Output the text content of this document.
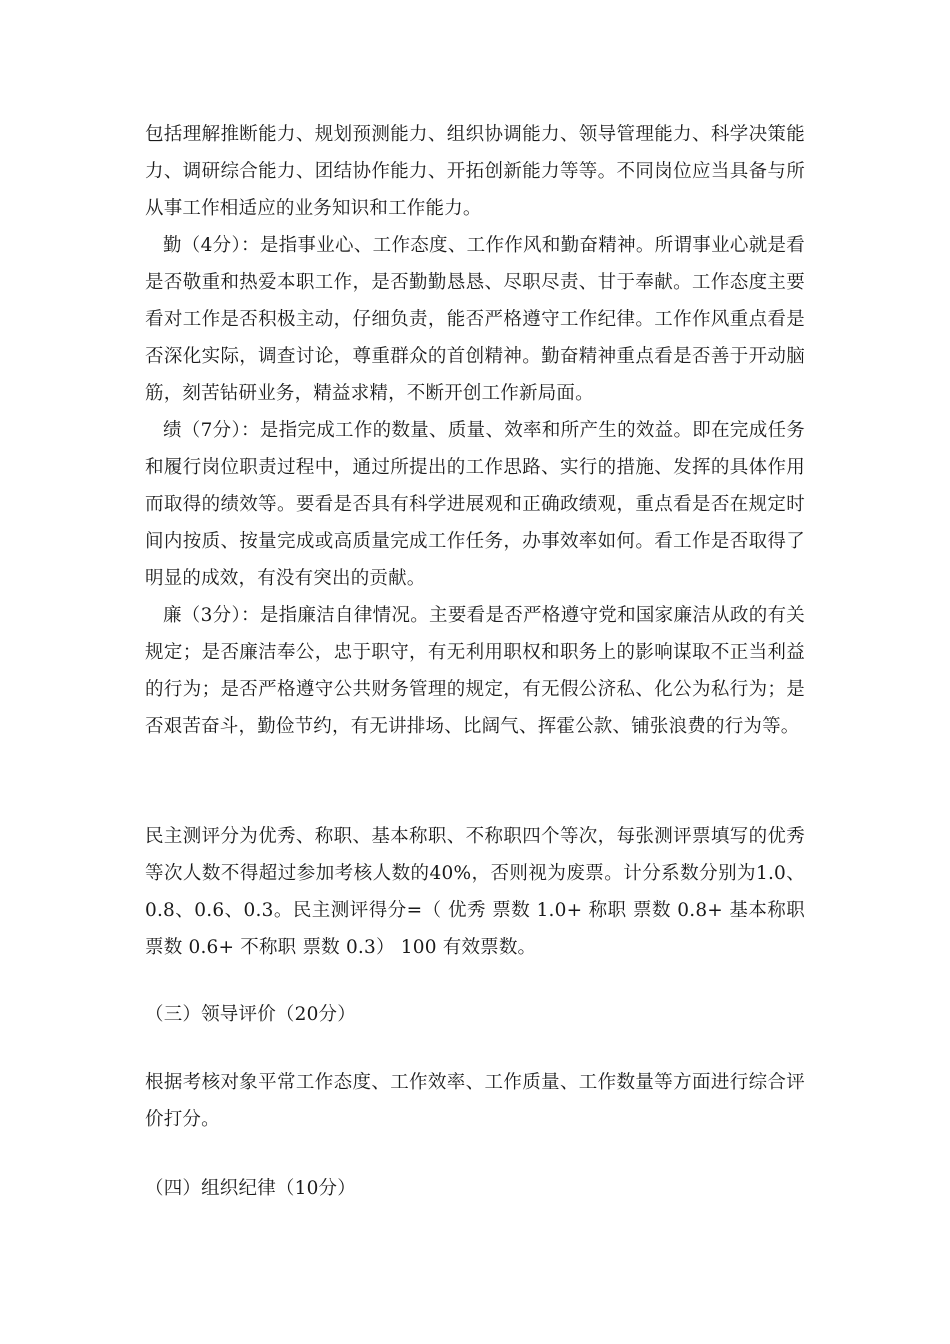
包括理解推断能力、规划预测能力、组织协调能力、领导管理能力、科学决策能力、调研综合能力、团结协作能力、开拓创新能力等等。不同岗位应当具备与所从事工作相适应的业务知识和工作能力。

勤（4分）：是指事业心、工作态度、工作作风和勤奋精神。所谓事业心就是看是否敬重和热爱本职工作，是否勤勤恳恳、尽职尽责、甘于奉献。工作态度主要看对工作是否积极主动，仔细负责，能否严格遵守工作纪律。工作作风重点看是否深化实际，调查讨论，尊重群众的首创精神。勤奋精神重点看是否善于开动脑筋，刻苦钻研业务，精益求精，不断开创工作新局面。

绩（7分）：是指完成工作的数量、质量、效率和所产生的效益。即在完成任务和履行岗位职责过程中，通过所提出的工作思路、实行的措施、发挥的具体作用而取得的绩效等。要看是否具有科学进展观和正确政绩观，重点看是否在规定时间内按质、按量完成或高质量完成工作任务，办事效率如何。看工作是否取得了明显的成效，有没有突出的贡献。

廉（3分）：是指廉洁自律情况。主要看是否严格遵守党和国家廉洁从政的有关规定；是否廉洁奉公，忠于职守，有无利用职权和职务上的影响谋取不正当利益的行为；是否严格遵守公共财务管理的规定，有无假公济私、化公为私行为；是否艰苦奋斗，勤俭节约，有无讲排场、比阔气、挥霍公款、铺张浪费的行为等。

民主测评分为优秀、称职、基本称职、不称职四个等次，每张测评票填写的优秀等次人数不得超过参加考核人数的40%，否则视为废票。计分系数分别为1.0、0.8、0.6、0.3。民主测评得分=（ 优秀 票数 1.0+ 称职 票数 0.8+ 基本称职 票数 0.6+ 不称职 票数 0.3） 100 有效票数。

（三）领导评价（20分）

根据考核对象平常工作态度、工作效率、工作质量、工作数量等方面进行综合评价打分。

（四）组织纪律（10分）
